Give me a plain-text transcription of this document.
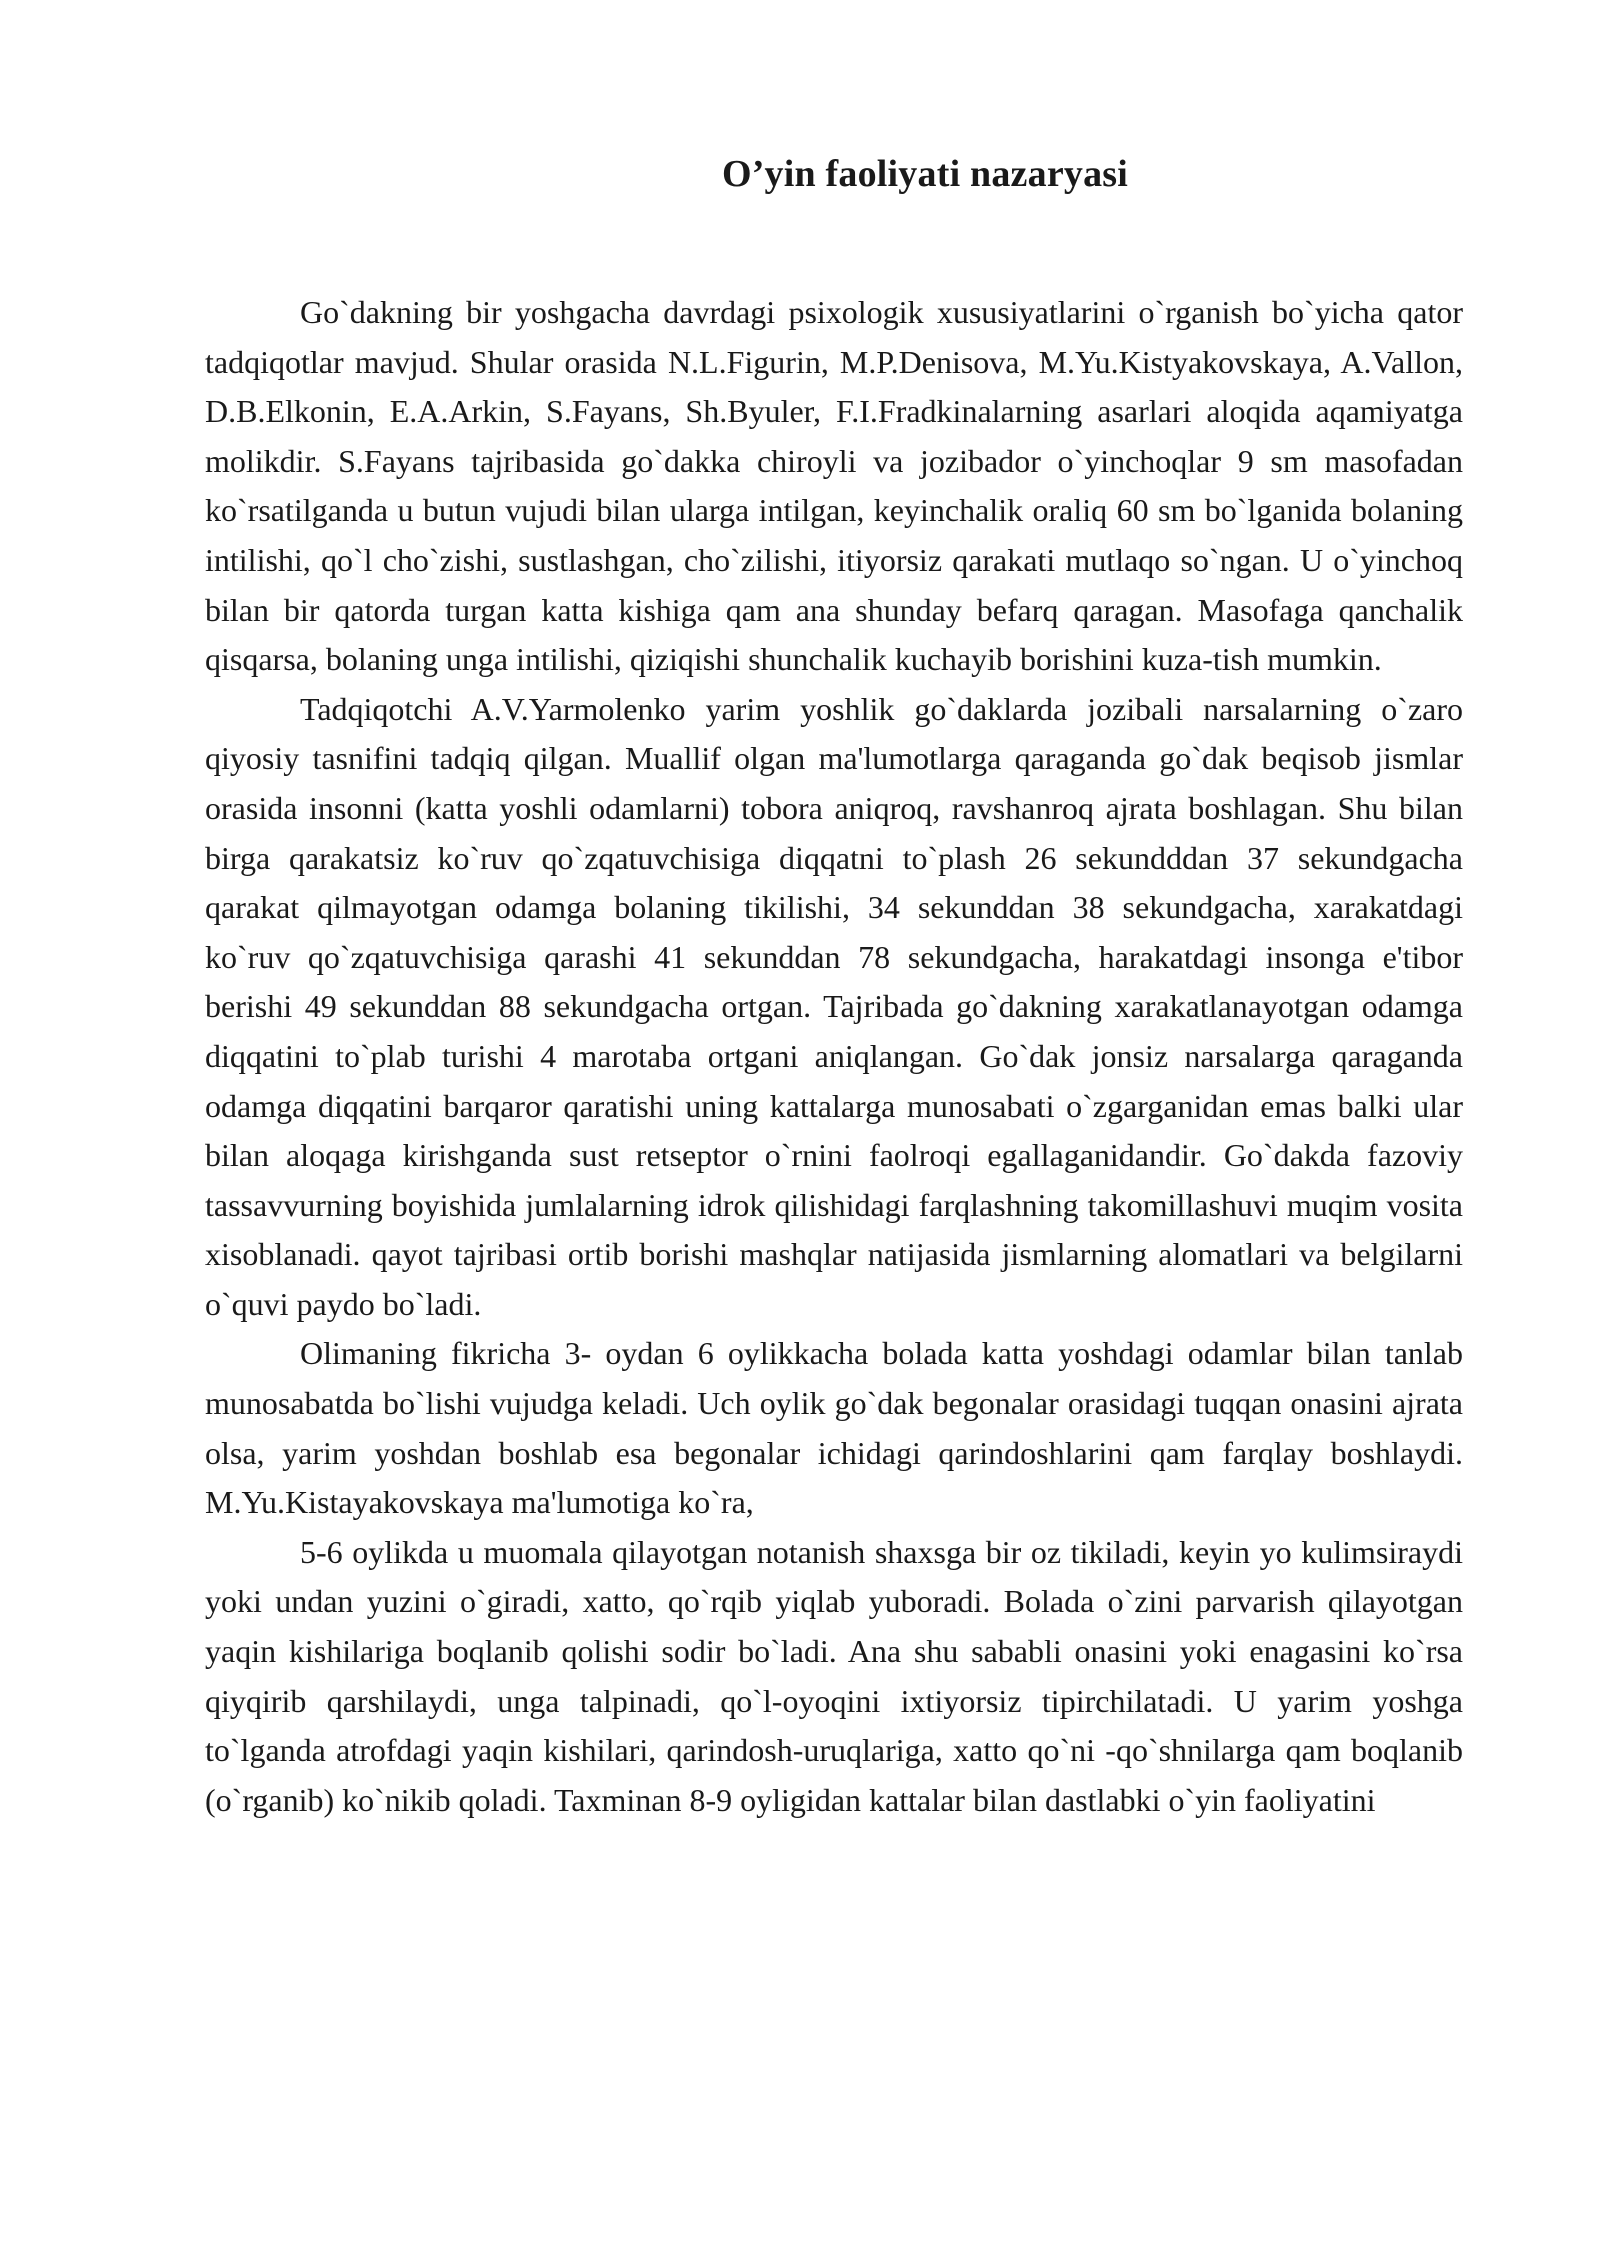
O’yin faoliyati nazaryasi

Go`dakning bir yoshgacha davrdagi psixologik xususiyatlarini o`rganish bo`yicha qator tadqiqotlar mavjud. Shular orasida N.L.Figurin, M.P.Denisova, M.Yu.Kistyakovskaya, A.Vallon, D.B.Elkonin, E.A.Arkin, S.Fayans, Sh.Byuler, F.I.Fradkinalarning asarlari aloqida aqamiyatga molikdir. S.Fayans tajribasida go`dakka chiroyli va jozibador o`yinchoqlar 9 sm masofadan ko`rsatilganda u butun vujudi bilan ularga intilgan, keyinchalik oraliq 60 sm bo`lganida bolaning intilishi, qo`l cho`zishi, sustlashgan, cho`zilishi, itiyorsiz qarakati mutlaqo so`ngan. U o`yinchoq bilan bir qatorda turgan katta kishiga qam ana shunday befarq qaragan. Masofaga qanchalik qisqarsa, bolaning unga intilishi, qiziqishi shunchalik kuchayib borishini kuza-tish mumkin.

Tadqiqotchi A.V.Yarmolenko yarim yoshlik go`daklarda jozibali narsalarning o`zaro qiyosiy tasnifini tadqiq qilgan. Muallif olgan ma'lumotlarga qaraganda go`dak beqisob jismlar orasida insonni (katta yoshli odamlarni) tobora aniqroq, ravshanroq ajrata boshlagan. Shu bilan birga qarakatsiz ko`ruv qo`zqatuvchisiga diqqatni to`plash 26 sekundddan 37 sekundgacha qarakat qilmayotgan odamga bolaning tikilishi, 34 sekunddan 38 sekundgacha, xarakatdagi ko`ruv qo`zqatuvchisiga qarashi 41 sekunddan 78 sekundgacha, harakatdagi insonga e'tibor berishi 49 sekunddan 88 sekundgacha ortgan. Tajribada go`dakning xarakatlanayotgan odamga diqqatini to`plab turishi 4 marotaba ortgani aniqlangan. Go`dak jonsiz narsalarga qaraganda odamga diqqatini barqaror qaratishi uning kattalarga munosabati o`zgarganidan emas balki ular bilan aloqaga kirishganda sust retseptor o`rnini faolroqi egallaganidandir. Go`dakda fazoviy tassavvurning boyishida jumlalarning idrok qilishidagi farqlashning takomillashuvi muqim vosita xisoblanadi. qayot tajribasi ortib borishi mashqlar natijasida jismlarning alomatlari va belgilarni o`quvi paydo bo`ladi.

Olimaning fikricha 3- oydan 6 oylikkacha bolada katta yoshdagi odamlar bilan tanlab munosabatda bo`lishi vujudga keladi. Uch oylik go`dak begonalar orasidagi tuqqan onasini ajrata olsa, yarim yoshdan boshlab esa begonalar ichidagi qarindoshlarini qam farqlay boshlaydi. M.Yu.Kistayakovskaya ma'lumotiga ko`ra,

5-6 oylikda u muomala qilayotgan notanish shaxsga bir oz tikiladi, keyin yo kulimsiraydi yoki undan yuzini o`giradi, xatto, qo`rqib yiqlab yuboradi. Bolada o`zini parvarish qilayotgan yaqin kishilariga boqlanib qolishi sodir bo`ladi. Ana shu sababli onasini yoki enagasini ko`rsa qiyqirib qarshilaydi, unga talpinadi, qo`l-oyoqini ixtiyorsiz tipirchilatadi. U yarim yoshga to`lganda atrofdagi yaqin kishilari, qarindosh-uruqlariga, xatto qo`ni -qo`shnilarga qam boqlanib (o`rganib) ko`nikib qoladi. Taxminan 8-9 oyligidan kattalar bilan dastlabki o`yin faoliyatini
